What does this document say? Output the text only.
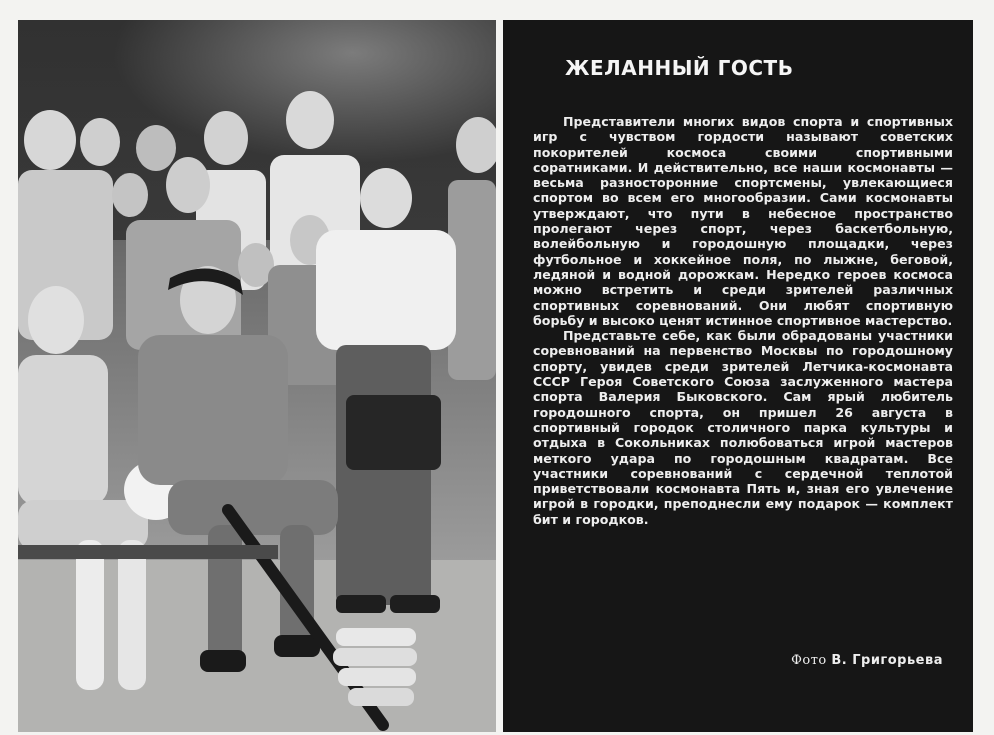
ЖЕЛАННЫЙ ГОСТЬ

Представители многих видов спорта и спортивных игр с чувством гордости называют советских покорителей космоса своими спортивными соратниками. И действительно, все наши космонавты — весьма разносторонние спортсмены, увлекающиеся спортом во всем его многообразии. Сами космонавты утверждают, что пути в небесное пространство пролегают через спорт, через баскетбольную, волейбольную и городошную площадки, через футбольное и хоккейное поля, по лыжне, беговой, ледяной и водной дорожкам. Нередко героев космоса можно встретить и среди зрителей различных спортивных соревнований. Они любят спортивную борьбу и высоко ценят истинное спортивное мастерство.

Представьте себе, как были обрадованы участники соревнований на первенство Москвы по городошному спорту, увидев среди зрителей Летчика-космонавта СССР Героя Советского Союза заслуженного мастера спорта Валерия Быковского. Сам ярый любитель городошного спорта, он пришел 26 августа в спортивный городок столичного парка культуры и отдыха в Сокольниках полюбоваться игрой мастеров меткого удара по городошным квадратам. Все участники соревнований с сердечной теплотой приветствовали космонавта Пять и, зная его увлечение игрой в городки, преподнесли ему подарок — комплект бит и городков.

Фото В. Григорьева
